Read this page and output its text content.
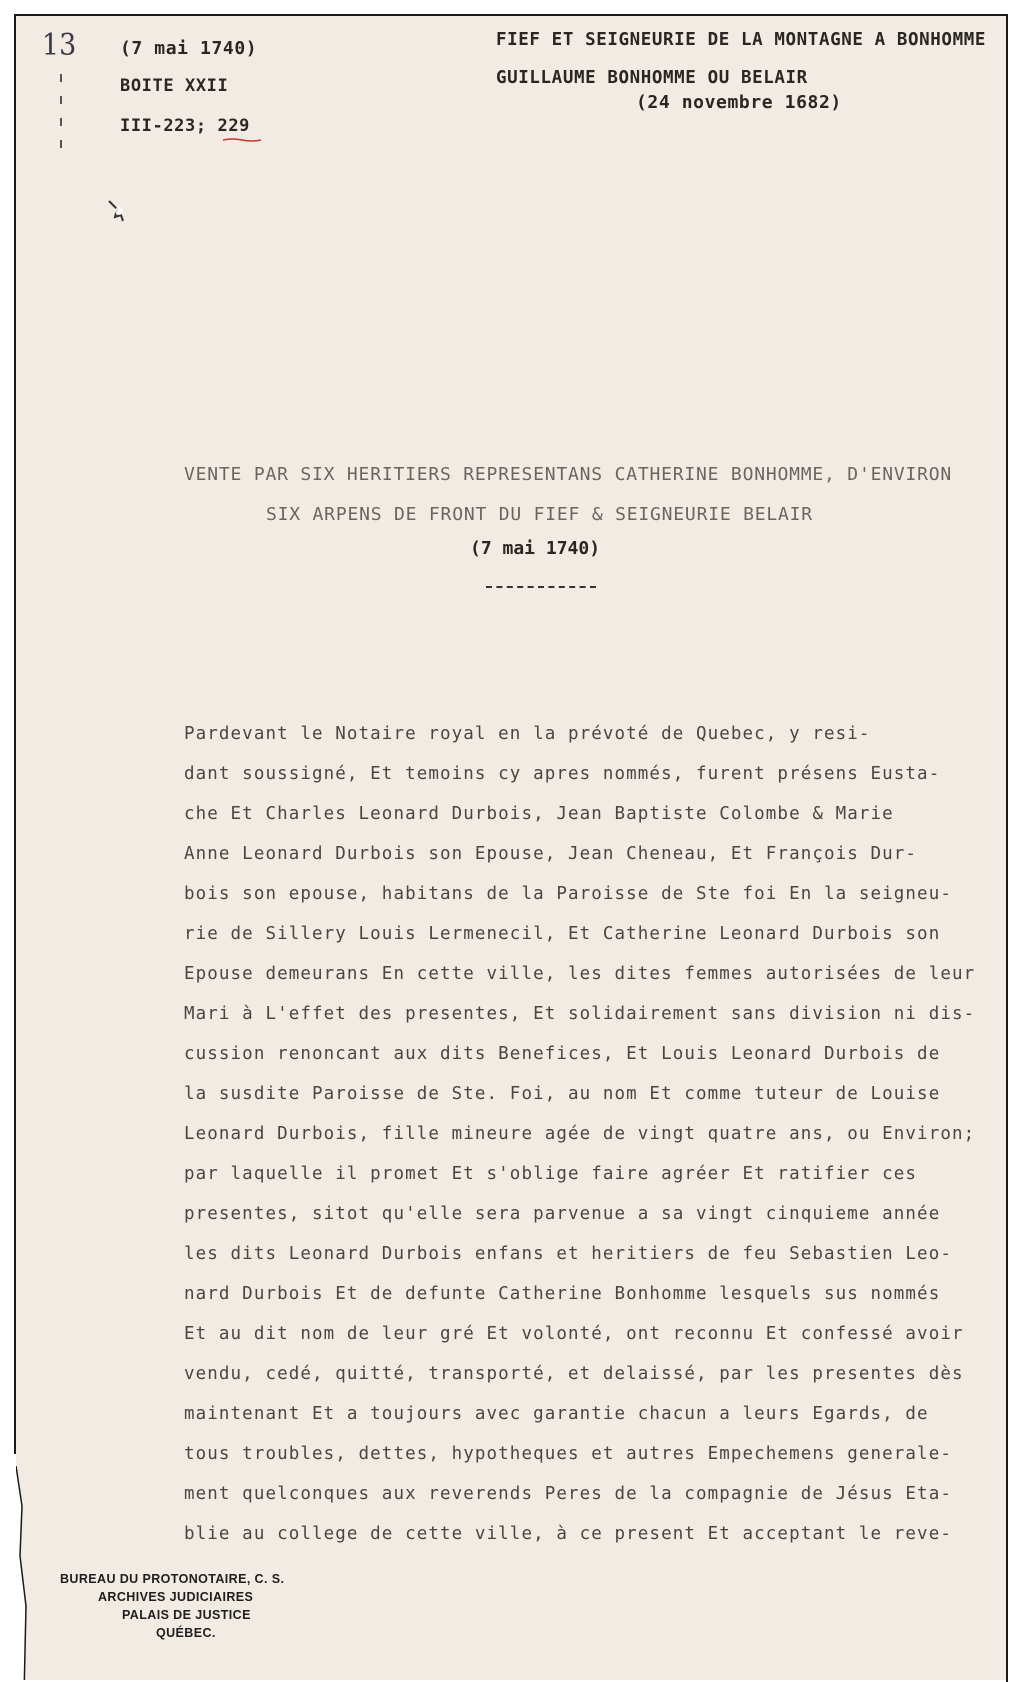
13 (7 mai 1740)
BOITE XXII
III-223; 229
FIEF ET SEIGNEURIE DE LA MONTAGNE A BONHOMME
GUILLAUME BONHOMME OU BELAIR
(24 novembre 1682)
VENTE PAR SIX HERITIERS REPRESENTANS CATHERINE BONHOMME, D'ENVIRON
SIX ARPENS DE FRONT DU FIEF & SEIGNEURIE BELAIR
(7 mai 1740)
Pardevant le Notaire royal en la prévoté de Quebec, y resi-
dant soussigné, Et temoins cy apres nommés, furent présens Eusta-
che Et Charles Leonard Durbois, Jean Baptiste Colombe & Marie
Anne Leonard Durbois son Epouse, Jean Cheneau, Et François Dur-
bois son epouse, habitans de la Paroisse de Ste foi En la seigneu-
rie de Sillery Louis Lermenecil, Et Catherine Leonard Durbois son
Epouse demeurans En cette ville, les dites femmes autorisées de leur
Mari à L'effet des presentes, Et solidairement sans division ni dis-
cussion renoncant aux dits Benefices, Et Louis Leonard Durbois de
la susdite Paroisse de Ste. Foi, au nom Et comme tuteur de Louise
Leonard Durbois, fille mineure agée de vingt quatre ans, ou Environ;
par laquelle il promet Et s'oblige faire agréer Et ratifier ces
presentes, sitot qu'elle sera parvenue a sa vingt cinquieme année
les dits Leonard Durbois enfans et heritiers de feu Sebastien Leo-
nard Durbois Et de defunte Catherine Bonhomme lesquels sus nommés
Et au dit nom de leur gré Et volonté, ont reconnu Et confessé avoir
vendu, cedé, quitté, transporté, et delaissé, par les presentes dès
maintenant Et a toujours avec garantie chacun a leurs Egards, de
tous troubles, dettes, hypotheques et autres Empechemens generale-
ment quelconques aux reverends Peres de la compagnie de Jésus Eta-
blie au college de cette ville, à ce present Et acceptant le reve-
BUREAU DU PROTONOTAIRE, C. S.
ARCHIVES JUDICIAIRES
PALAIS DE JUSTICE
QUÉBEC.
